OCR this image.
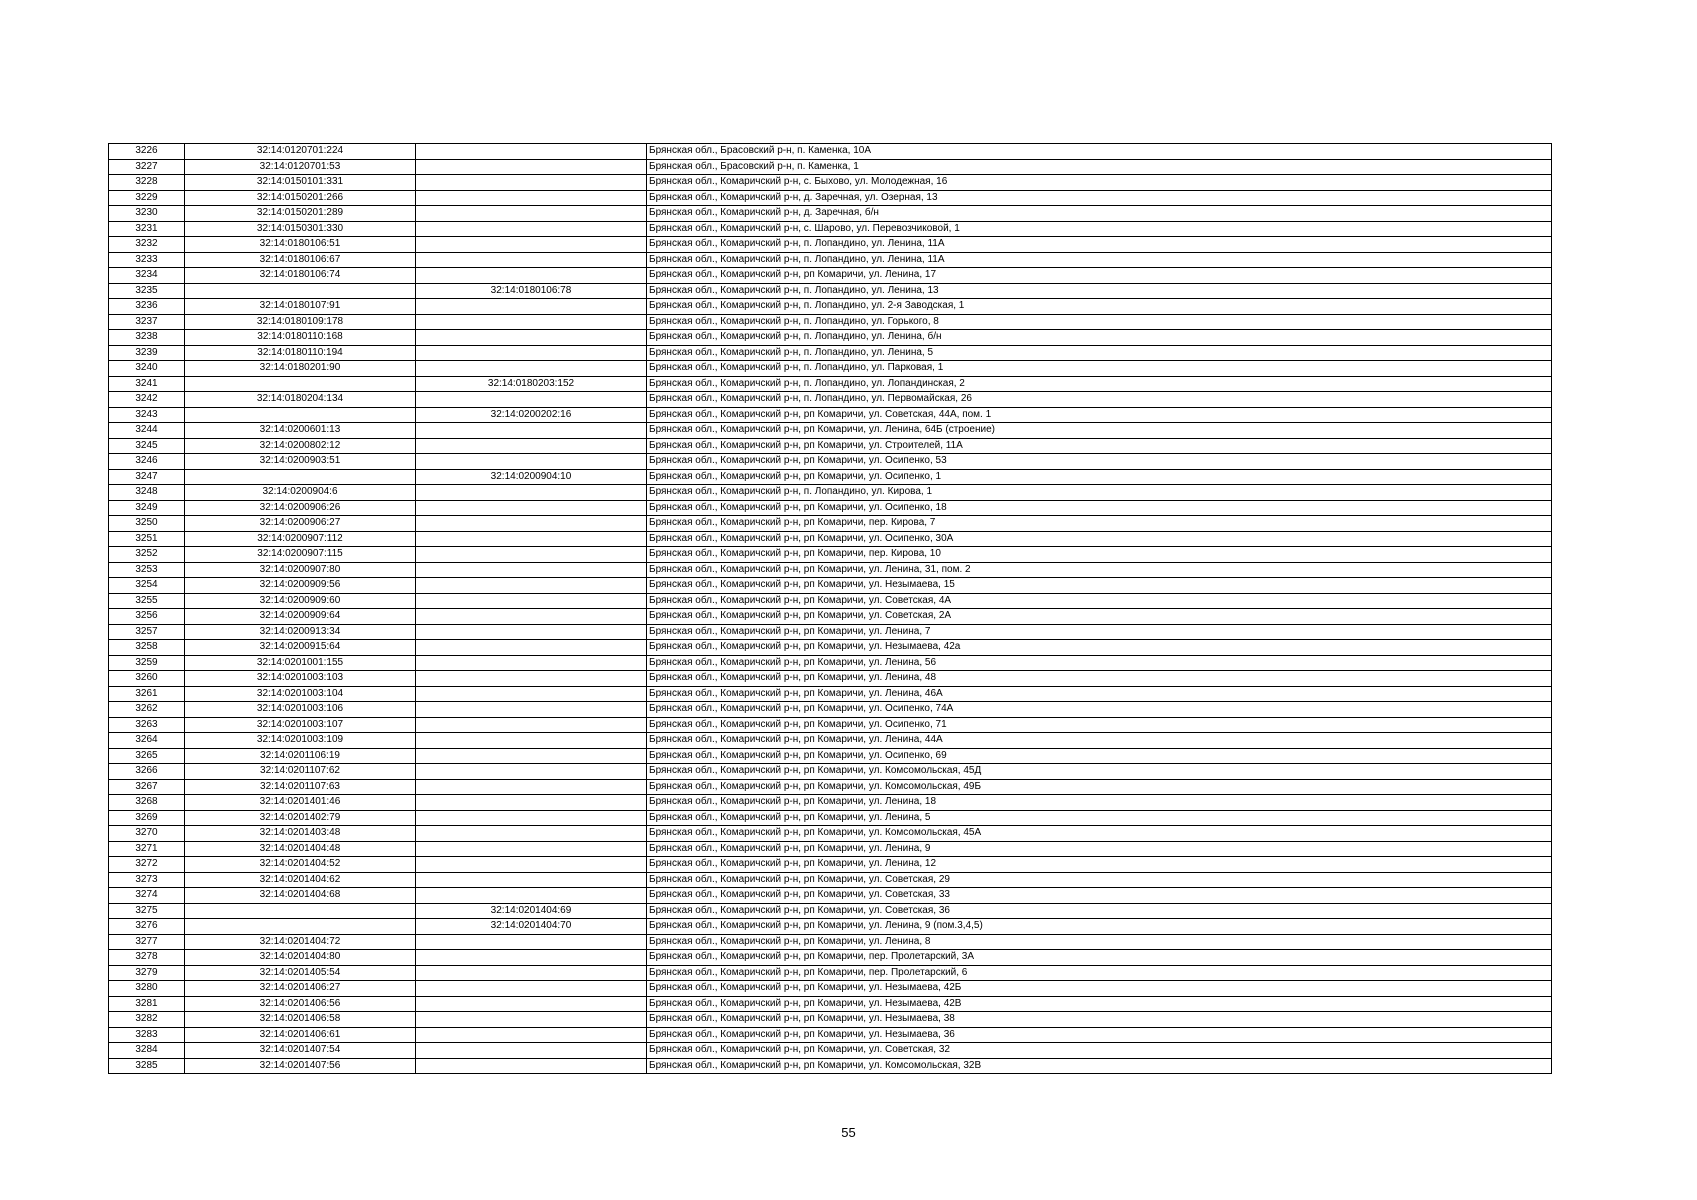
3226	32:14:0120701:224		Брянская обл., Брасовский р-н, п. Каменка, 10А
3227	32:14:0120701:53		Брянская обл., Брасовский р-н, п. Каменка, 1
3228	32:14:0150101:331		Брянская обл., Комаричский р-н, с. Быхово, ул. Молодежная, 16
3229	32:14:0150201:266		Брянская обл., Комаричский р-н, д. Заречная, ул. Озерная, 13
3230	32:14:0150201:289		Брянская обл., Комаричский р-н, д. Заречная, б/н
3231	32:14:0150301:330		Брянская обл., Комаричский р-н, с. Шарово, ул. Перевозчиковой, 1
3232	32:14:0180106:51		Брянская обл., Комаричский р-н, п. Лопандино, ул. Ленина, 11А
3233	32:14:0180106:67		Брянская обл., Комаричский р-н, п. Лопандино, ул. Ленина, 11А
3234	32:14:0180106:74		Брянская обл., Комаричский р-н, рп Комаричи, ул. Ленина, 17
3235		32:14:0180106:78	Брянская обл., Комаричский р-н, п. Лопандино, ул. Ленина, 13
3236	32:14:0180107:91		Брянская обл., Комаричский р-н, п. Лопандино, ул. 2-я Заводская, 1
3237	32:14:0180109:178		Брянская обл., Комаричский р-н, п. Лопандино, ул. Горького, 8
3238	32:14:0180110:168		Брянская обл., Комаричский р-н, п. Лопандино, ул. Ленина, б/н
3239	32:14:0180110:194		Брянская обл., Комаричский р-н, п. Лопандино, ул. Ленина, 5
3240	32:14:0180201:90		Брянская обл., Комаричский р-н, п. Лопандино, ул. Парковая, 1
3241		32:14:0180203:152	Брянская обл., Комаричский р-н, п. Лопандино, ул. Лопандинская, 2
3242	32:14:0180204:134		Брянская обл., Комаричский р-н, п. Лопандино, ул. Первомайская, 26
3243		32:14:0200202:16	Брянская обл., Комаричский р-н, рп Комаричи, ул. Советская, 44А, пом. 1
3244	32:14:0200601:13		Брянская обл., Комаричский р-н, рп Комаричи, ул. Ленина, 64Б (строение)
3245	32:14:0200802:12		Брянская обл., Комаричский р-н, рп Комаричи, ул. Строителей, 11А
3246	32:14:0200903:51		Брянская обл., Комаричский р-н, рп Комаричи, ул. Осипенко, 53
3247		32:14:0200904:10	Брянская обл., Комаричский р-н, рп Комаричи, ул. Осипенко, 1
3248	32:14:0200904:6		Брянская обл., Комаричский р-н, п. Лопандино, ул. Кирова, 1
3249	32:14:0200906:26		Брянская обл., Комаричский р-н, рп Комаричи, ул. Осипенко, 18
3250	32:14:0200906:27		Брянская обл., Комаричский р-н, рп Комаричи, пер. Кирова, 7
3251	32:14:0200907:112		Брянская обл., Комаричский р-н, рп Комаричи, ул. Осипенко, 30А
3252	32:14:0200907:115		Брянская обл., Комаричский р-н, рп Комаричи, пер. Кирова, 10
3253	32:14:0200907:80		Брянская обл., Комаричский р-н, рп Комаричи, ул. Ленина, 31, пом. 2
3254	32:14:0200909:56		Брянская обл., Комаричский р-н, рп Комаричи, ул. Незымаева, 15
3255	32:14:0200909:60		Брянская обл., Комаричский р-н, рп Комаричи, ул. Советская, 4А
3256	32:14:0200909:64		Брянская обл., Комаричский р-н, рп Комаричи, ул. Советская, 2А
3257	32:14:0200913:34		Брянская обл., Комаричский р-н, рп Комаричи, ул. Ленина, 7
3258	32:14:0200915:64		Брянская обл., Комаричский р-н, рп Комаричи, ул. Незымаева, 42а
3259	32:14:0201001:155		Брянская обл., Комаричский р-н, рп Комаричи, ул. Ленина, 56
3260	32:14:0201003:103		Брянская обл., Комаричский р-н, рп Комаричи, ул. Ленина, 48
3261	32:14:0201003:104		Брянская обл., Комаричский р-н, рп Комаричи, ул. Ленина, 46А
3262	32:14:0201003:106		Брянская обл., Комаричский р-н, рп Комаричи, ул. Осипенко, 74А
3263	32:14:0201003:107		Брянская обл., Комаричский р-н, рп Комаричи, ул. Осипенко, 71
3264	32:14:0201003:109		Брянская обл., Комаричский р-н, рп Комаричи, ул. Ленина, 44А
3265	32:14:0201106:19		Брянская обл., Комаричский р-н, рп Комаричи, ул. Осипенко, 69
3266	32:14:0201107:62		Брянская обл., Комаричский р-н, рп Комаричи, ул. Комсомольская, 45Д
3267	32:14:0201107:63		Брянская обл., Комаричский р-н, рп Комаричи, ул. Комсомольская, 49Б
3268	32:14:0201401:46		Брянская обл., Комаричский р-н, рп Комаричи, ул. Ленина, 18
3269	32:14:0201402:79		Брянская обл., Комаричский р-н, рп Комаричи, ул. Ленина, 5
3270	32:14:0201403:48		Брянская обл., Комаричский р-н, рп Комаричи, ул. Комсомольская, 45А
3271	32:14:0201404:48		Брянская обл., Комаричский р-н, рп Комаричи, ул. Ленина, 9
3272	32:14:0201404:52		Брянская обл., Комаричский р-н, рп Комаричи, ул. Ленина, 12
3273	32:14:0201404:62		Брянская обл., Комаричский р-н, рп Комаричи, ул. Советская, 29
3274	32:14:0201404:68		Брянская обл., Комаричский р-н, рп Комаричи, ул. Советская, 33
3275		32:14:0201404:69	Брянская обл., Комаричский р-н, рп Комаричи, ул. Советская, 36
3276		32:14:0201404:70	Брянская обл., Комаричский р-н, рп Комаричи, ул. Ленина, 9 (пом.3,4,5)
3277	32:14:0201404:72		Брянская обл., Комаричский р-н, рп Комаричи, ул. Ленина, 8
3278	32:14:0201404:80		Брянская обл., Комаричский р-н, рп Комаричи, пер. Пролетарский, 3А
3279	32:14:0201405:54		Брянская обл., Комаричский р-н, рп Комаричи, пер. Пролетарский, 6
3280	32:14:0201406:27		Брянская обл., Комаричский р-н, рп Комаричи, ул. Незымаева, 42Б
3281	32:14:0201406:56		Брянская обл., Комаричский р-н, рп Комаричи, ул. Незымаева, 42В
3282	32:14:0201406:58		Брянская обл., Комаричский р-н, рп Комаричи, ул. Незымаева, 38
3283	32:14:0201406:61		Брянская обл., Комаричский р-н, рп Комаричи, ул. Незымаева, 36
3284	32:14:0201407:54		Брянская обл., Комаричский р-н, рп Комаричи, ул. Советская, 32
3285	32:14:0201407:56		Брянская обл., Комаричский р-н, рп Комаричи, ул. Комсомольская, 32В
55
